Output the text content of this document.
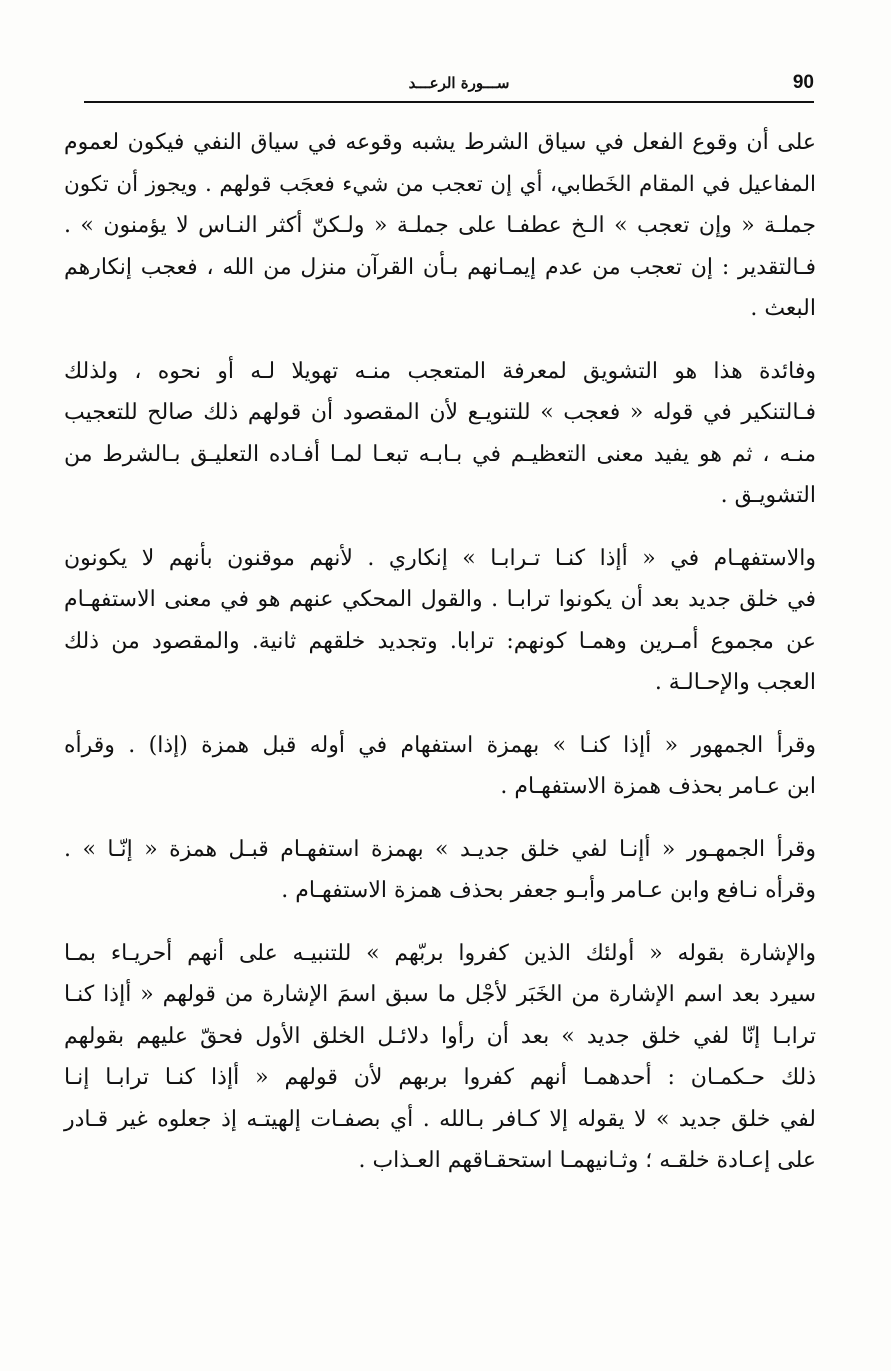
90
ســـورة الرعـــد
على أن وقوع الفعل في سياق الشرط يشبه وقوعه في سياق النفي فيكون لعموم
المفاعيل في المقام الخَطابي، أي إن تعجب من شيء فعجَب قولهم . ويجوز أن تكون
جملـة « وإن تعجب » الـخ عطفـا على جملـة « ولـكنّ أكثر النـاس لا يؤمنون » .
فـالتقدير : إن تعجب من عدم إيمـانهم بـأن القرآن منزل من الله ، فعجب إنكارهم
البعث .
وفائدة هذا هو التشويق لمعرفة المتعجب منـه تهويلا لـه أو نحوه ، ولذلك
فـالتنكير في قوله « فعجب » للتنويـع لأن المقصود أن قولهم ذلك صالح للتعجيب
منـه ، ثم هو يفيد معنى التعظيـم في بـابـه تبعـا لمـا أفـاده التعليـق بـالشرط من
التشويـق .
والاستفهـام في « أإذا كنـا تـرابـا » إنكاري . لأنهم موقنون بأنهم لا يكونون
في خلق جديد بعد أن يكونوا ترابـا . والقول المحكي عنهم هو في معنى الاستفهـام
عن مجموع أمـرين وهمـا كونهم: ترابا. وتجديد خلقهم ثانية. والمقصود من ذلك
العجب والإحـالـة .
وقرأ الجمهور « أإذا كنـا » بهمزة استفهام في أوله قبل همزة (إذا) . وقرأه
ابن عـامر بحذف همزة الاستفهـام .
وقرأ الجمهـور « أإنـا لفي خلق جديـد » بهمزة استفهـام قبـل همزة « إنّـا » .
وقرأه نـافع وابن عـامر وأبـو جعفر بحذف همزة الاستفهـام .
والإشارة بقوله « أولئك الذين كفروا بربّهم » للتنبيـه على أنهم أحريـاء بمـا
سيرد بعد اسم الإشارة من الخَبَر لأجْل ما سبق اسمَ الإشارة من قولهم « أإذا كنـا
ترابـا إنّا لفي خلق جديد » بعد أن رأوا دلائـل الخلق الأول فحقّ عليهم بقولهم
ذلك حـكمـان : أحدهمـا أنهم كفروا بربهم لأن قولهم « أإذا كنـا ترابـا إنـا
لفي خلق جديد » لا يقوله إلا كـافر بـالله . أي بصفـات إلهيتـه إذ جعلوه غير قـادر
على إعـادة خلقـه ؛ وثـانيهمـا استحقـاقهم العـذاب .
